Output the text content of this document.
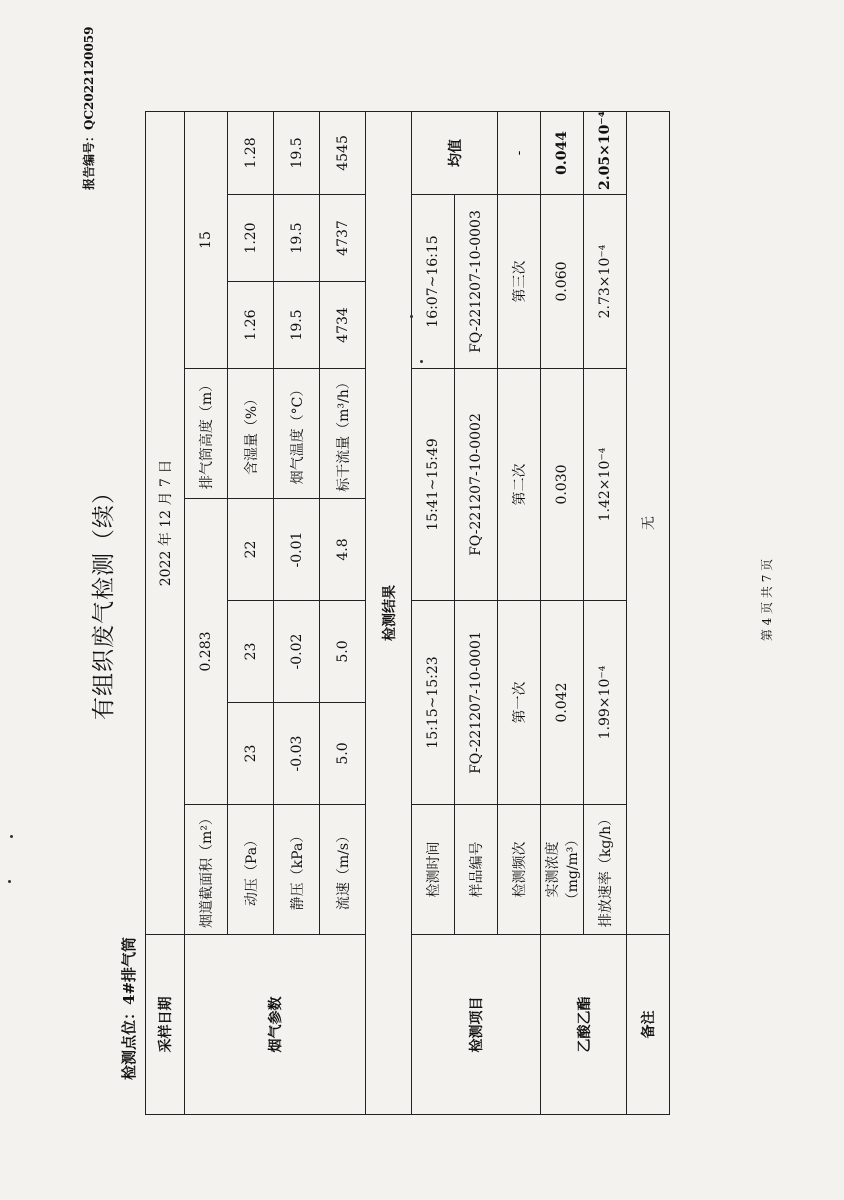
有组织废气检测（续）
报告编号：QC2022120059
检测点位：4#排气筒 采样日期	2022 年 12 月 7 日							
烟气参数	烟道截面积（m²）	0.283			排气筒高度（m）	15		
	动压（Pa）	23	23	22	含湿量（%）	1.26	1.20	1.28
	静压（kPa）	-0.03	-0.02	-0.01	烟气温度（°C）	19.5	19.5	19.5
	流速（m/s）	5.0	5.0	4.8	标干流量（m³/h）	4734	4737	4545
检测结果								
检测项目	检测时间	15:15~15:23		15:41~15:49		16:07~16:15		均值
	样品编号	FQ-221207-10-0001		FQ-221207-10-0002		FQ-221207-10-0003		
	检测频次	第一次		第二次		第三次		-
乙酸乙酯	实测浓度（mg/m³）	0.042		0.030		0.060		0.044
	排放速率（kg/h）	1.99×10⁻⁴		1.42×10⁻⁴		2.73×10⁻⁴		2.05×10⁻⁴
备注	无							
第 4 页 共 7 页
